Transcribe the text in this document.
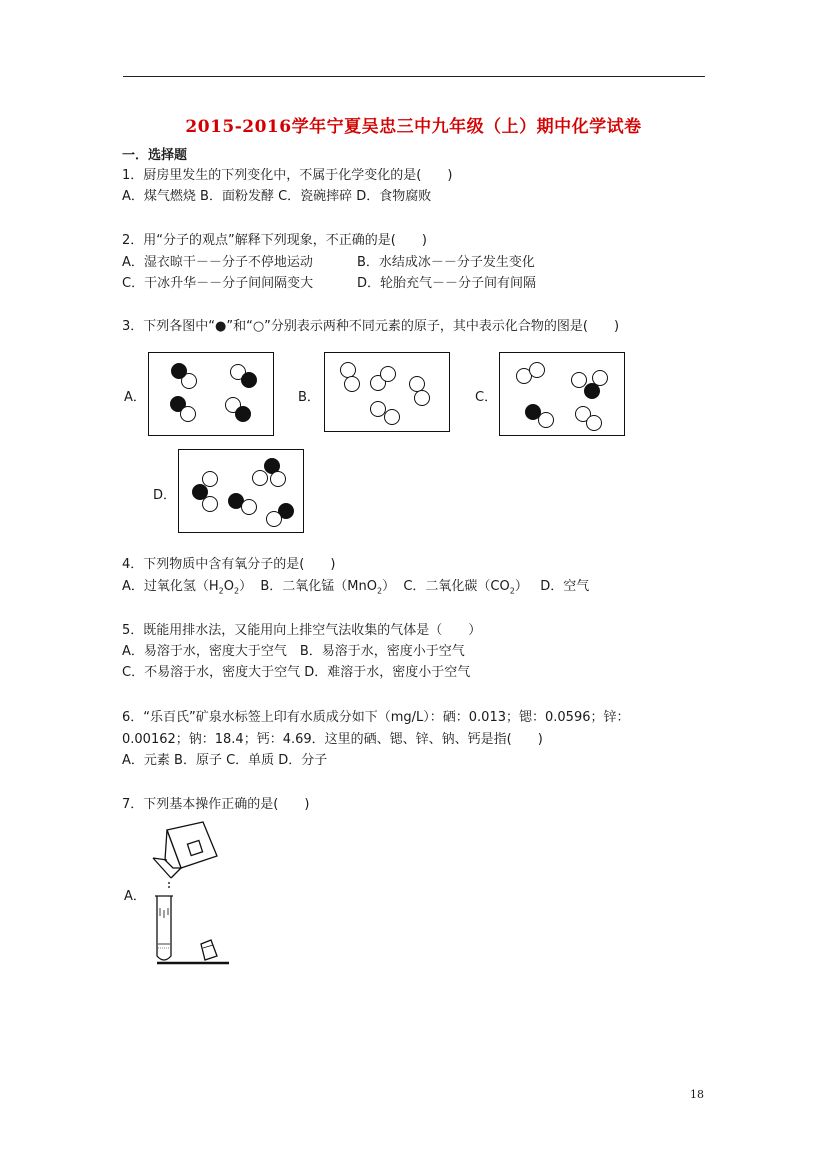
2015-2016学年宁夏吴忠三中九年级（上）期中化学试卷
一．选择题
1．厨房里发生的下列变化中，不属于化学变化的是(　　)
A．煤气燃烧 B．面粉发酵 C．瓷碗摔碎 D．食物腐败
2．用“分子的观点”解释下列现象，不正确的是(　　)
A．湿衣晾干－－分子不停地运动	B．水结成冰－－分子发生变化
C．干冰升华－－分子间间隔变大	D．轮胎充气－－分子间有间隔
3．下列各图中“●”和“○”分别表示两种不同元素的原子，其中表示化合物的图是(　　)
A．	B．	C．
D．
4．下列物质中含有氧分子的是(　　)
A．过氧化氢$(H_2O_2)$ B．二氧化锰（MnO$_2$） C．二氧化碳$(CO_2)$ D．空气
5．既能用排水法，又能用向上排空气法收集的气体是（　　）
A．易溶于水，密度大于空气　B．易溶于水，密度小于空气
C．不易溶于水，密度大于空气 D．难溶于水，密度小于空气
6．“乐百氏”矿泉水标签上印有水质成分如下（mg/L）：硒：0.013；锶：0.0596；锌：
0.00162；钠：18.4；钙：4.69．这里的硒、锶、锌、钠、钙是指(　　)
A．元素 B．原子 C．单质 D．分子
7．下列基本操作正确的是(　　)
A．
18
